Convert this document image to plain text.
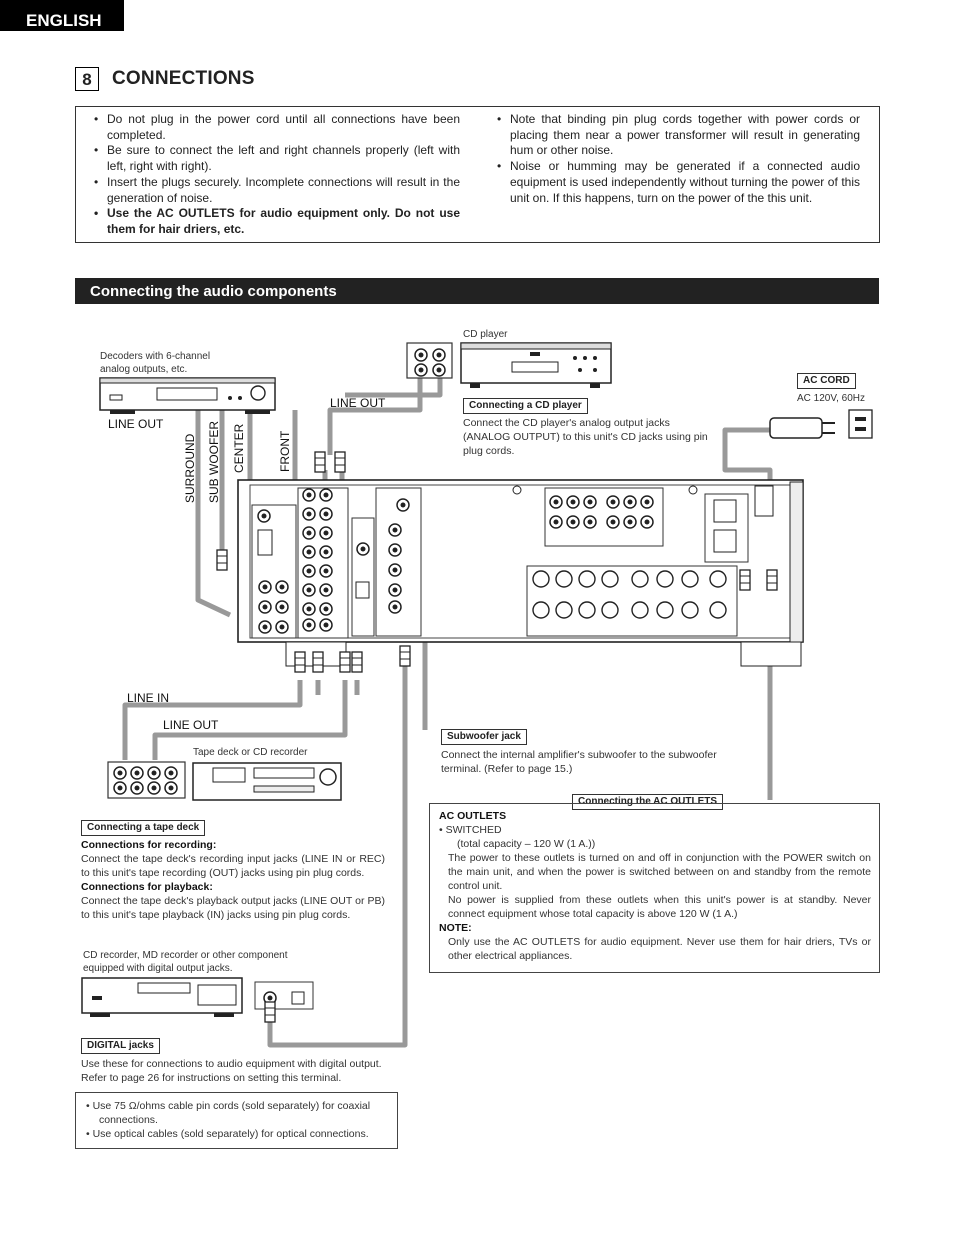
ENGLISH
8	CONNECTIONS
• Do not plug in the power cord until all connections have been completed.
• Be sure to connect the left and right channels properly (left with left, right with right).
• Insert the plugs securely. Incomplete connections will result in the generation of noise.
• Use the AC OUTLETS for audio equipment only. Do not use them for hair driers, etc.
• Note that binding pin plug cords together with power cords or placing them near a power transformer will result in generating hum or other noise.
• Noise or humming may be generated if a connected audio equipment is used independently without turning the power of this unit on. If this happens, turn on the power of the this unit.
Connecting the audio components
CD player
Decoders with 6-channel analog outputs, etc.
LINE OUT
LINE OUT
SURROUND SUB WOOFER CENTER	FRONT
AC CORD
AC 120V, 60Hz
Connecting a CD player
Connect the CD player's analog output jacks (ANALOG OUTPUT) to this unit's CD jacks using pin plug cords.
LINE IN
LINE OUT
Tape deck or CD recorder
Subwoofer jack
Connect the internal amplifier's subwoofer to the subwoofer terminal. (Refer to page 15.)
Connecting the AC OUTLETS
Connecting a tape deck
Connections for recording:
Connect the tape deck's recording input jacks (LINE IN or REC) to this unit's tape recording (OUT) jacks using pin plug cords.
Connections for playback:
Connect the tape deck's playback output jacks (LINE OUT or PB) to this unit's tape playback (IN) jacks using pin plug cords.
AC OUTLETS
• SWITCHED
(total capacity – 120 W (1 A.))
The power to these outlets is turned on and off in conjunction with the POWER switch on the main unit, and when the power is switched between on and standby from the remote control unit.
No power is supplied from these outlets when this unit's power is at standby. Never connect equipment whose total capacity is above 120 W (1 A.)
NOTE:
Only use the AC OUTLETS for audio equipment. Never use them for hair driers, TVs or other electrical appliances.
CD recorder, MD recorder or other component equipped with digital output jacks.
DIGITAL jacks
Use these for connections to audio equipment with digital output. Refer to page 26 for instructions on setting this terminal.
• Use 75 Ω/ohms cable pin cords (sold separately) for coaxial connections.
• Use optical cables (sold separately) for optical connections.
